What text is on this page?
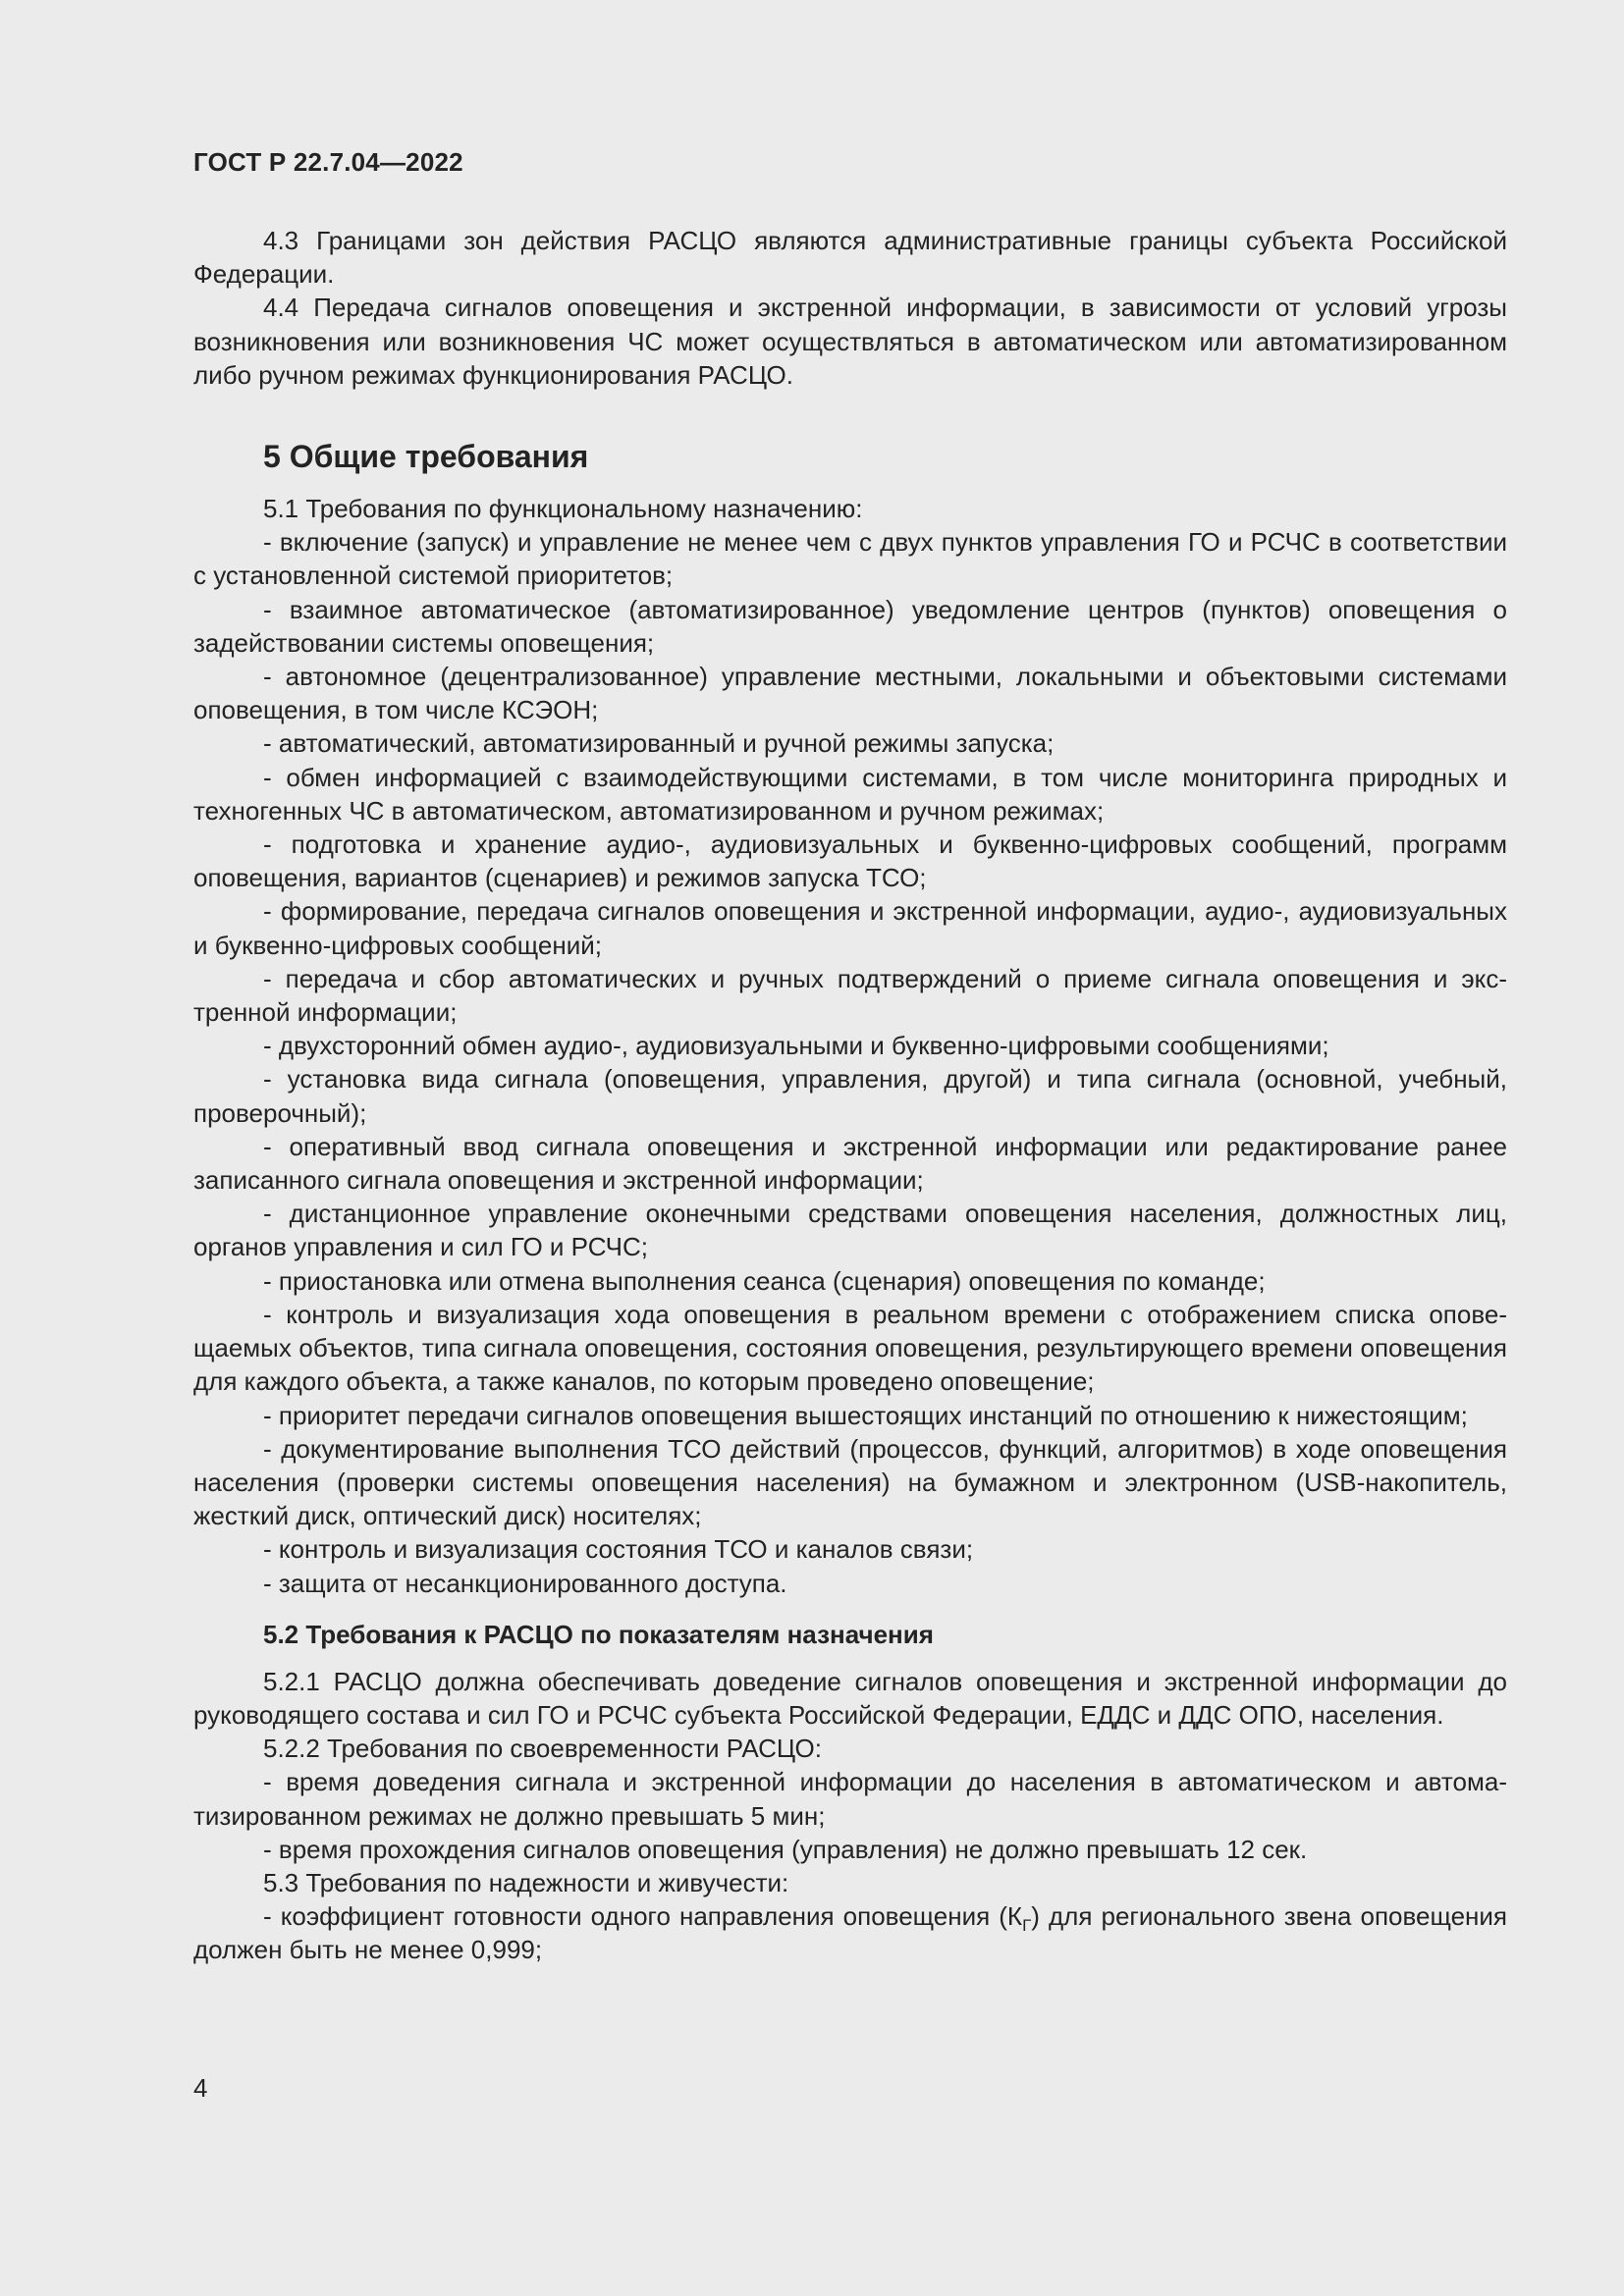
ГОСТ Р 22.7.04—2022

4.3 Границами зон действия РАСЦО являются административные границы субъекта Российской Федерации.

4.4 Передача сигналов оповещения и экстренной информации, в зависимости от условий угрозы возникновения или возникновения ЧС может осуществляться в автоматическом или автоматизированном либо ручном режимах функционирования РАСЦО.

5 Общие требования

5.1 Требования по функциональному назначению:

- включение (запуск) и управление не менее чем с двух пунктов управления ГО и РСЧС в соответствии с установленной системой приоритетов;

- взаимное автоматическое (автоматизированное) уведомление центров (пунктов) оповещения о задействовании системы оповещения;

- автономное (децентрализованное) управление местными, локальными и объектовыми системами оповещения, в том числе КСЭОН;

- автоматический, автоматизированный и ручной режимы запуска;

- обмен информацией с взаимодействующими системами, в том числе мониторинга природных и техногенных ЧС в автоматическом, автоматизированном и ручном режимах;

- подготовка и хранение аудио-, аудиовизуальных и буквенно-цифровых сообщений, программ оповещения, вариантов (сценариев) и режимов запуска ТСО;

- формирование, передача сигналов оповещения и экстренной информации, аудио-, аудиовизуальных и буквенно-цифровых сообщений;

- передача и сбор автоматических и ручных подтверждений о приеме сигнала оповещения и экстренной информации;

- двухсторонний обмен аудио-, аудиовизуальными и буквенно-цифровыми сообщениями;

- установка вида сигнала (оповещения, управления, другой) и типа сигнала (основной, учебный, проверочный);

- оперативный ввод сигнала оповещения и экстренной информации или редактирование ранее записанного сигнала оповещения и экстренной информации;

- дистанционное управление оконечными средствами оповещения населения, должностных лиц, органов управления и сил ГО и РСЧС;

- приостановка или отмена выполнения сеанса (сценария) оповещения по команде;

- контроль и визуализация хода оповещения в реальном времени с отображением списка оповещаемых объектов, типа сигнала оповещения, состояния оповещения, результирующего времени оповещения для каждого объекта, а также каналов, по которым проведено оповещение;

- приоритет передачи сигналов оповещения вышестоящих инстанций по отношению к нижестоящим;

- документирование выполнения ТСО действий (процессов, функций, алгоритмов) в ходе оповещения населения (проверки системы оповещения населения) на бумажном и электронном (USB-накопитель, жесткий диск, оптический диск) носителях;

- контроль и визуализация состояния ТСО и каналов связи;

- защита от несанкционированного доступа.

5.2 Требования к РАСЦО по показателям назначения

5.2.1 РАСЦО должна обеспечивать доведение сигналов оповещения и экстренной информации до руководящего состава и сил ГО и РСЧС субъекта Российской Федерации, ЕДДС и ДДС ОПО, населения.

5.2.2 Требования по своевременности РАСЦО:

- время доведения сигнала и экстренной информации до населения в автоматическом и автоматизированном режимах не должно превышать 5 мин;

- время прохождения сигналов оповещения (управления) не должно превышать 12 сек.

5.3 Требования по надежности и живучести:

- коэффициент готовности одного направления оповещения $(К_Г)$ для регионального звена оповещения должен быть не менее 0,999;

4
